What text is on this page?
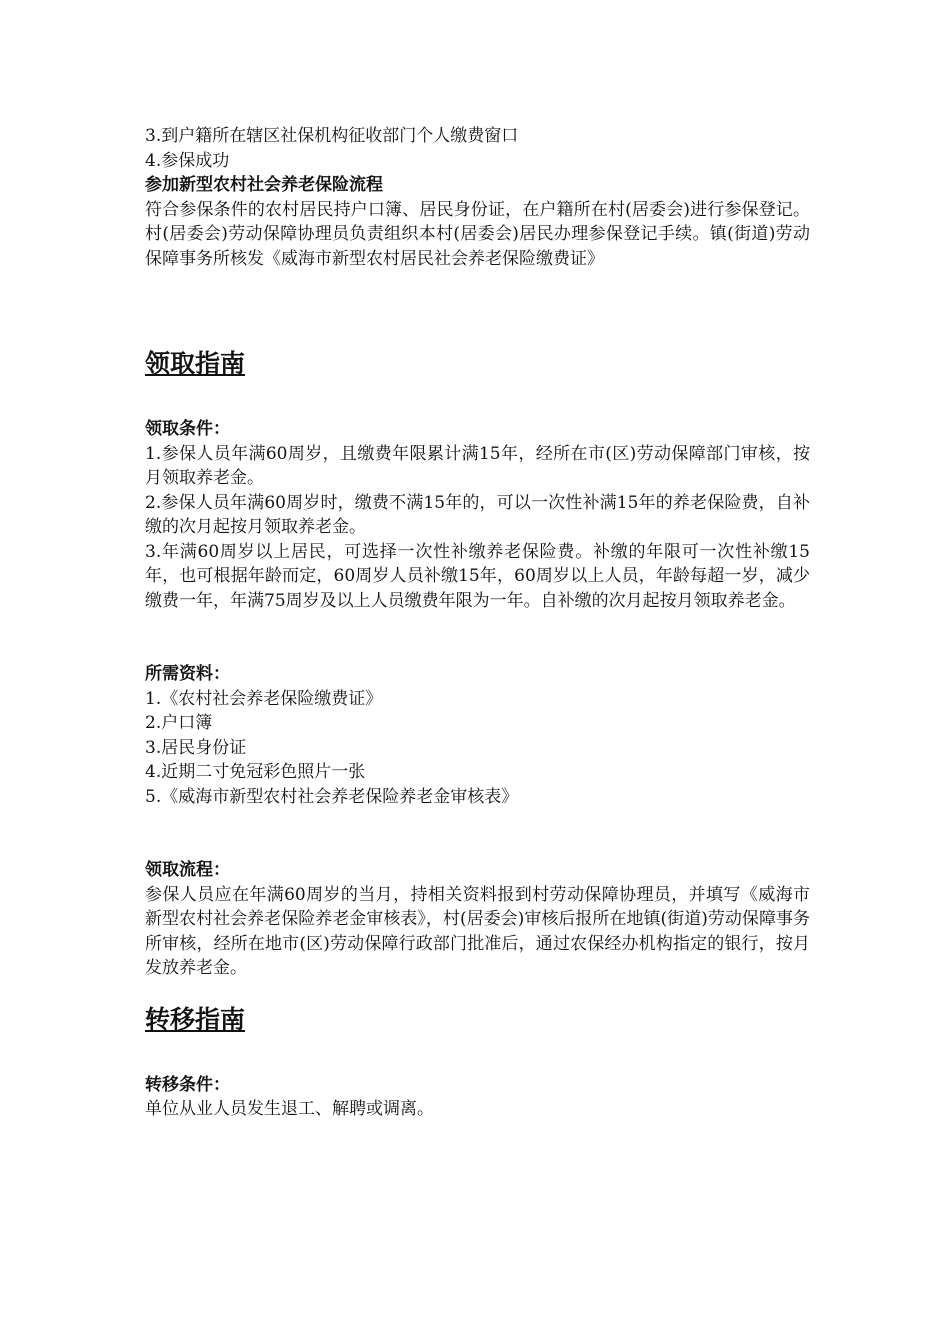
3.到户籍所在辖区社保机构征收部门个人缴费窗口

4.参保成功

参加新型农村社会养老保险流程

符合参保条件的农村居民持户口簿、居民身份证，在户籍所在村(居委会)进行参保登记。村(居委会)劳动保障协理员负责组织本村(居委会)居民办理参保登记手续。镇(街道)劳动保障事务所核发《威海市新型农村居民社会养老保险缴费证》

领取指南

领取条件：

1.参保人员年满60周岁，且缴费年限累计满15年，经所在市(区)劳动保障部门审核，按月领取养老金。

2.参保人员年满60周岁时，缴费不满15年的，可以一次性补满15年的养老保险费，自补缴的次月起按月领取养老金。

3.年满60周岁以上居民，可选择一次性补缴养老保险费。补缴的年限可一次性补缴15年，也可根据年龄而定，60周岁人员补缴15年，60周岁以上人员，年龄每超一岁，减少缴费一年，年满75周岁及以上人员缴费年限为一年。自补缴的次月起按月领取养老金。

所需资料：

1.《农村社会养老保险缴费证》

2.户口簿

3.居民身份证

4.近期二寸免冠彩色照片一张

5.《威海市新型农村社会养老保险养老金审核表》

领取流程：

参保人员应在年满60周岁的当月，持相关资料报到村劳动保障协理员，并填写《威海市新型农村社会养老保险养老金审核表》，村(居委会)审核后报所在地镇(街道)劳动保障事务所审核，经所在地市(区)劳动保障行政部门批准后，通过农保经办机构指定的银行，按月发放养老金。

转移指南

转移条件：

单位从业人员发生退工、解聘或调离。
